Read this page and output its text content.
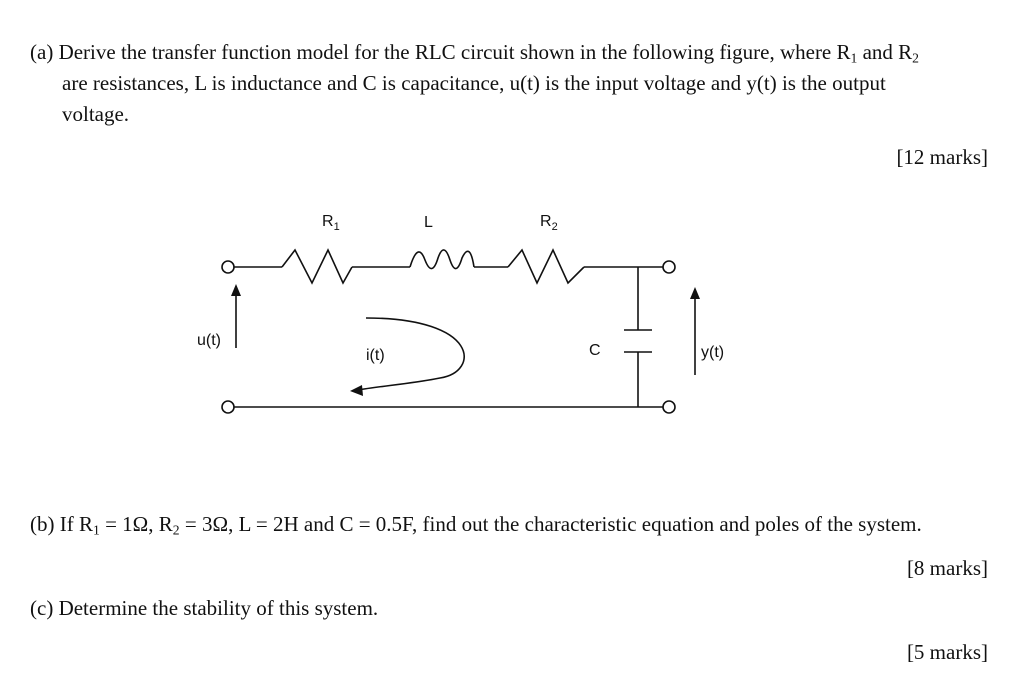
(a) Derive the transfer function model for the RLC circuit shown in the following figure, where $R_1$ and $R_2$
are resistances, L is inductance and C is capacitance, u(t) is the input voltage and y(t) is the output
voltage.
[12 marks]
$R_1$	L	$R_2$
C
u(t)
y(t)
i(t)
(b) If $R_1 = 1\Omega$, $R_2 = 3\Omega$, L = 2H and C = 0.5F, find out the characteristic equation and poles of the system.
[8 marks]
(c) Determine the stability of this system.
[5 marks]
